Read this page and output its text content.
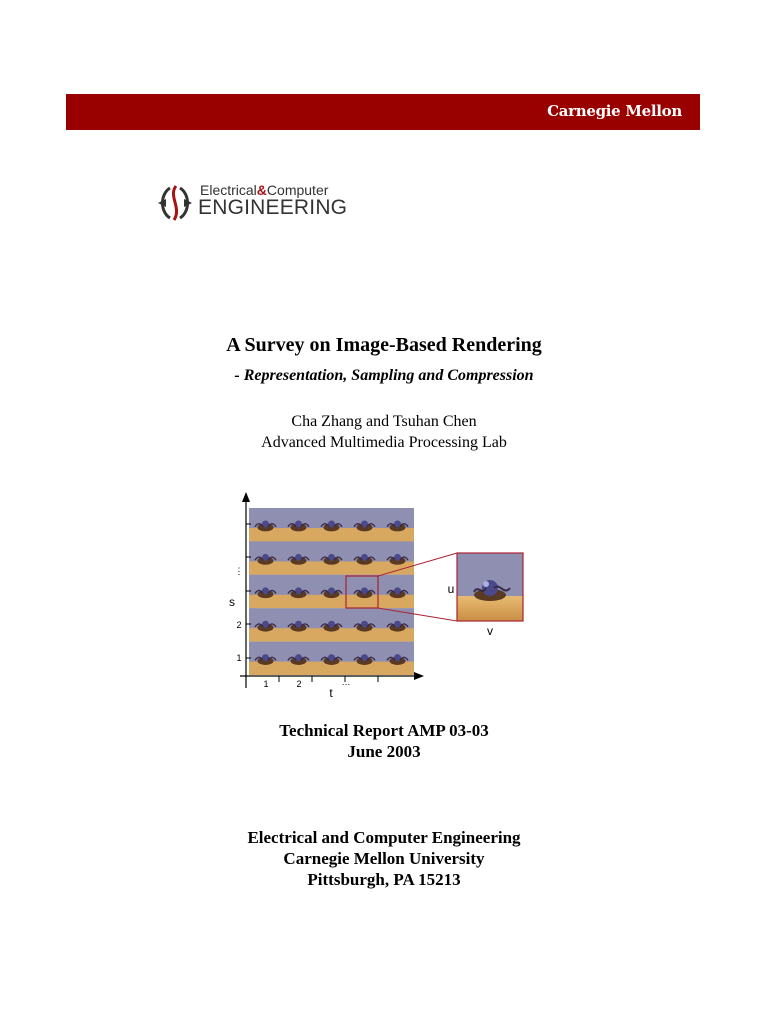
Carnegie Mellon
Electrical&Computer
ENGINEERING
A Survey on Image-Based Rendering
- Representation, Sampling and Compression
Cha Zhang and Tsuhan Chen
Advanced Multimedia Processing Lab
1
2
⋮
s
1	2	…
t
u
v
Technical Report AMP 03-03
June 2003
Electrical and Computer Engineering
Carnegie Mellon University
Pittsburgh, PA 15213
